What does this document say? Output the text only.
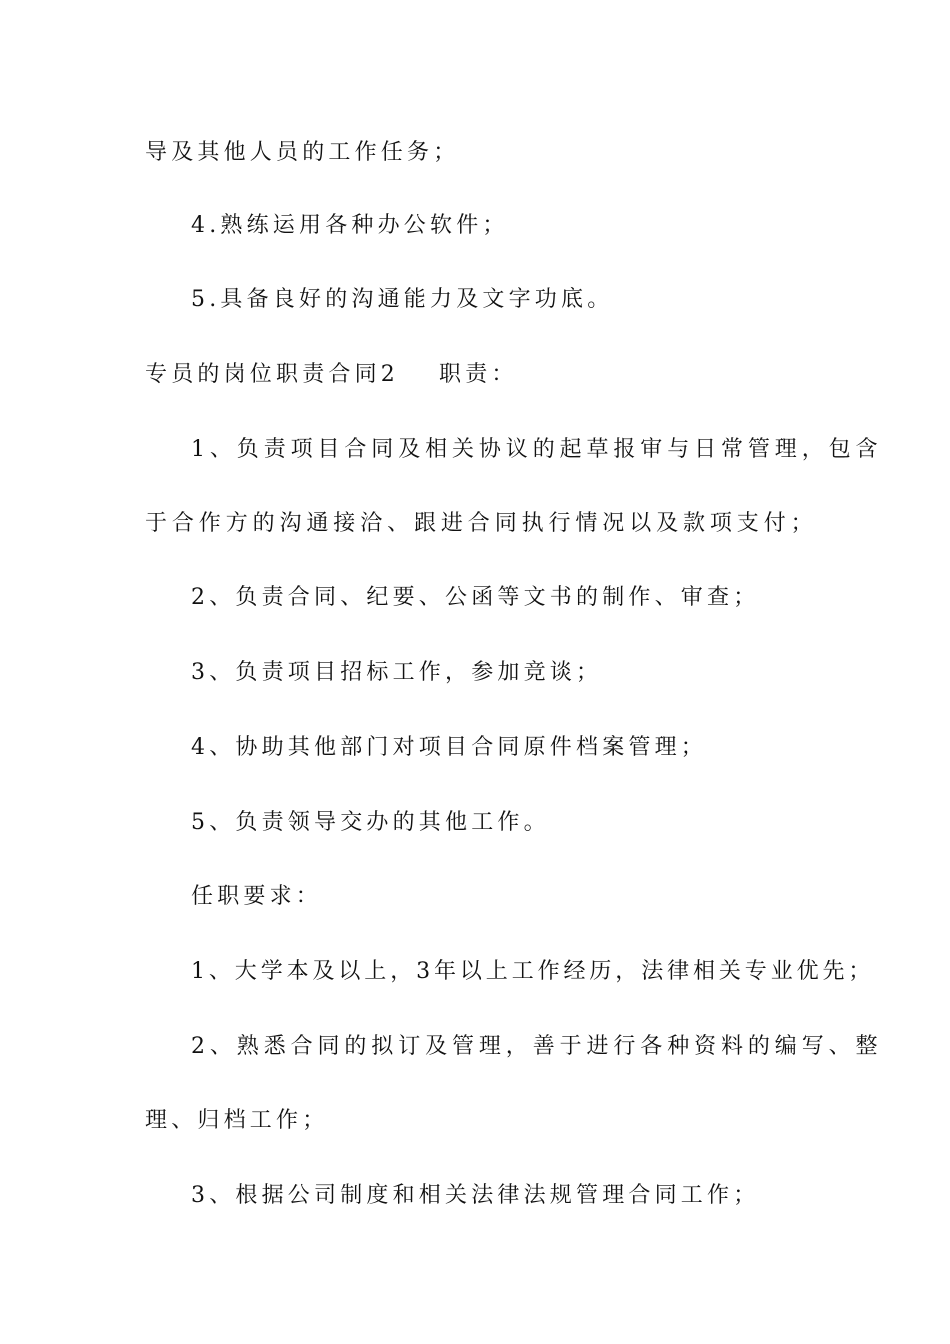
导及其他人员的工作任务；
4.熟练运用各种办公软件；
5.具备良好的沟通能力及文字功底。
专员的岗位职责合同2 职责：
1、负责项目合同及相关协议的起草报审与日常管理，包含
于合作方的沟通接洽、跟进合同执行情况以及款项支付；
2、负责合同、纪要、公函等文书的制作、审查；
3、负责项目招标工作，参加竞谈；
4、协助其他部门对项目合同原件档案管理；
5、负责领导交办的其他工作。
任职要求：
1、大学本及以上，3年以上工作经历，法律相关专业优先；
2、熟悉合同的拟订及管理，善于进行各种资料的编写、整
理、归档工作；
3、根据公司制度和相关法律法规管理合同工作；
